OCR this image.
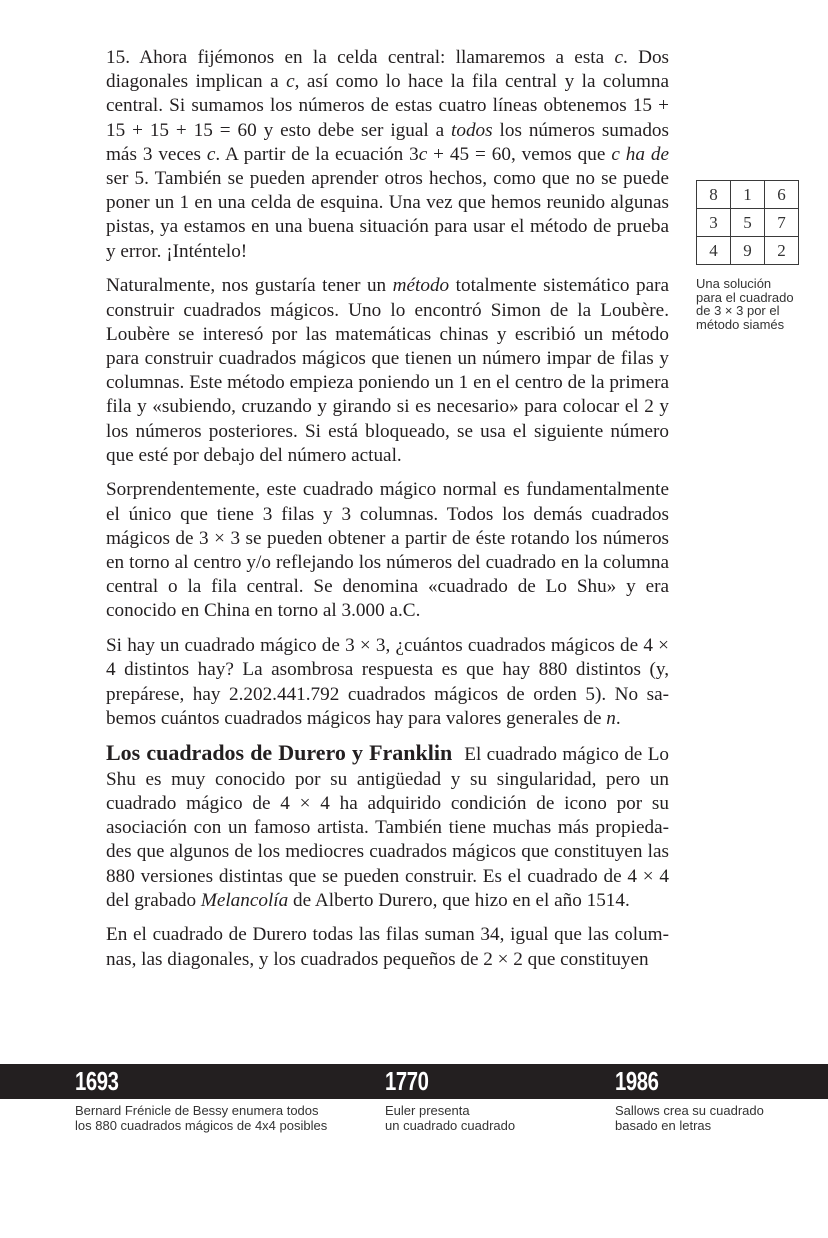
15. Ahora fijémonos en la celda central: llamaremos a esta c. Dos diagonales implican a c, así como lo hace la fila central y la columna central. Si sumamos los números de estas cuatro líneas obtenemos 15 + 15 + 15 + 15 = 60 y esto debe ser igual a todos los números sumados más 3 veces c. A partir de la ecuación 3c + 45 = 60, vemos que c ha de ser 5. También se pueden aprender otros hechos, como que no se puede poner un 1 en una celda de esquina. Una vez que hemos reunido algunas pistas, ya estamos en una buena situación para usar el método de prueba y error. ¡Inténtelo!

Naturalmente, nos gustaría tener un método totalmente sistemático para construir cuadrados mágicos. Uno lo encontró Simon de la Loubère. Loubère se interesó por las matemáticas chinas y escribió un método para construir cuadrados mágicos que tienen un número impar de filas y columnas. Este método empieza poniendo un 1 en el centro de la primera fila y «subiendo, cruzando y girando si es necesario» para colocar el 2 y los números posteriores. Si está bloqueado, se usa el siguiente número que esté por debajo del número actual.

Sorprendentemente, este cuadrado mágico normal es fundamentalmente el único que tiene 3 filas y 3 columnas. Todos los demás cuadrados mágicos de 3 × 3 se pueden obtener a partir de éste rotando los números en torno al centro y/o reflejando los números del cuadrado en la columna central o la fila central. Se denomina «cuadrado de Lo Shu» y era conocido en China en torno al 3.000 a.C.

Si hay un cuadrado mágico de 3 × 3, ¿cuántos cuadrados mágicos de 4 × 4 distintos hay? La asombrosa respuesta es que hay 880 distintos (y, prepárese, hay 2.202.441.792 cuadrados mágicos de orden 5). No sabemos cuántos cuadrados mágicos hay para valores generales de n.

Los cuadrados de Durero y Franklin El cuadrado mágico de Lo Shu es muy conocido por su antigüedad y su singularidad, pero un cuadrado mágico de 4 × 4 ha adquirido condición de icono por su asociación con un famoso artista. También tiene muchas más propiedades que algunos de los mediocres cuadrados mágicos que constituyen las 880 versiones distintas que se pueden construir. Es el cuadrado de 4 × 4 del grabado Melancolía de Alberto Durero, que hizo en el año 1514.

En el cuadrado de Durero todas las filas suman 34, igual que las columnas, las diagonales, y los cuadrados pequeños de 2 × 2 que constituyen

8	1	6
3	5	7
4	9	2
Una solución
para el cuadrado
de 3 × 3 por el
método siamés
1693
Bernard Frénicle de Bessy enumera todos
los 880 cuadrados mágicos de 4x4 posibles
1770
Euler presenta
un cuadrado cuadrado
1986
Sallows crea su cuadrado
basado en letras
